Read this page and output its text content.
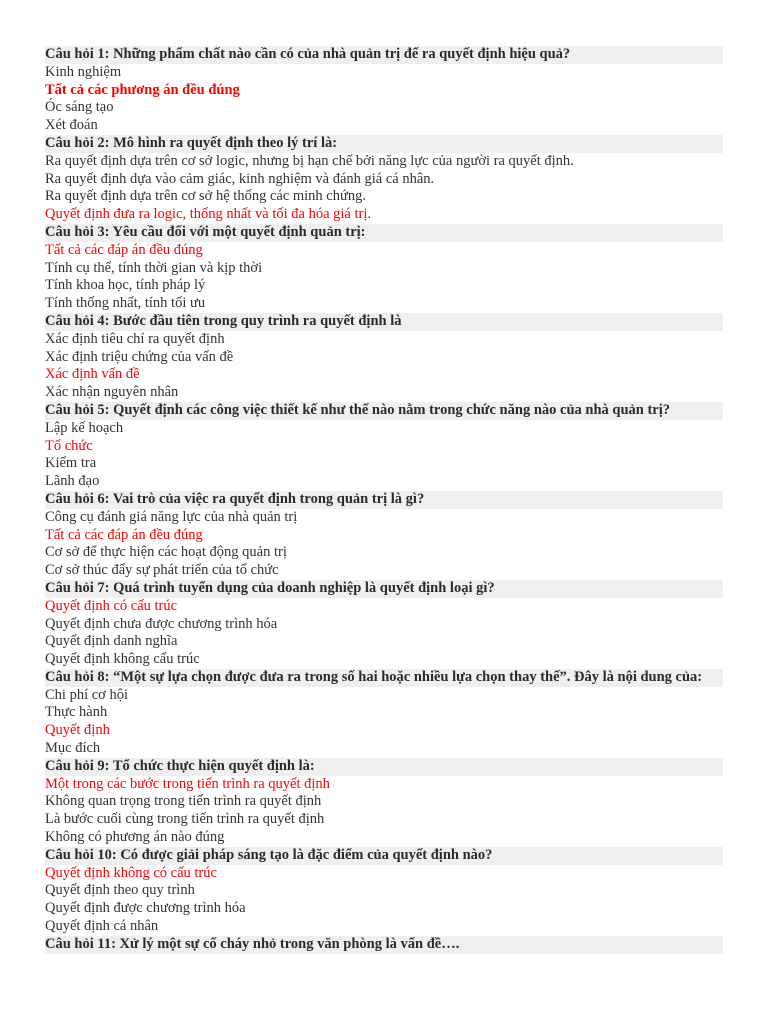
Câu hỏi 1: Những phẩm chất nào cần có của nhà quản trị để ra quyết định hiệu quả?
Kinh nghiệm
Tất cả các phương án đều đúng
Óc sáng tạo
Xét đoán
Câu hỏi 2: Mô hình ra quyết định theo lý trí là:
Ra quyết định dựa trên cơ sở logic, nhưng bị hạn chế bởi năng lực của người ra quyết định.
Ra quyết định dựa vào cảm giác, kinh nghiệm và đánh giá cá nhân.
Ra quyết định dựa trên cơ sở hệ thống các minh chứng.
Quyết định đưa ra logic, thống nhất và tối đa hóa giá trị.
Câu hỏi 3: Yêu cầu đối với một quyết định quản trị:
Tất cả các đáp án đều đúng
Tính cụ thể, tính thời gian và kịp thời
Tính khoa học, tính pháp lý
Tính thống nhất, tính tối ưu
Câu hỏi 4: Bước đầu tiên trong quy trình ra quyết định là
Xác định tiêu chí ra quyết định
Xác định triệu chứng của vấn đề
Xác định vấn đề
Xác nhận nguyên nhân
Câu hỏi 5: Quyết định các công việc thiết kế như thế nào nằm trong chức năng nào của nhà quản trị?
Lập kế hoạch
Tổ chức
Kiểm tra
Lãnh đạo
Câu hỏi 6: Vai trò của việc ra quyết định trong quản trị là gì?
Công cụ đánh giá năng lực của nhà quản trị
Tất cả các đáp án đều đúng
Cơ sở để thực hiện các hoạt động quản trị
Cơ sở thúc đẩy sự phát triển của tổ chức
Câu hỏi 7: Quá trình tuyển dụng của doanh nghiệp là quyết định loại gì?
Quyết định có cấu trúc
Quyết định chưa được chương trình hóa
Quyết định danh nghĩa
Quyết định không cấu trúc
Câu hỏi 8: “Một sự lựa chọn được đưa ra trong số hai hoặc nhiều lựa chọn thay thế”. Đây là nội dung của:
Chi phí cơ hội
Thực hành
Quyết định
Mục đích
Câu hỏi 9: Tổ chức thực hiện quyết định là:
Một trong các bước trong tiến trình ra quyết định
Không quan trọng trong tiến trình ra quyết định
Là bước cuối cùng trong tiến trình ra quyết định
Không có phương án nào đúng
Câu hỏi 10: Có được giải pháp sáng tạo là đặc điểm của quyết định nào?
Quyết định không có cấu trúc
Quyết định theo quy trình
Quyết định được chương trình hóa
Quyết định cá nhân
Câu hỏi 11: Xử lý một sự cố cháy nhỏ trong văn phòng là vấn đề….
